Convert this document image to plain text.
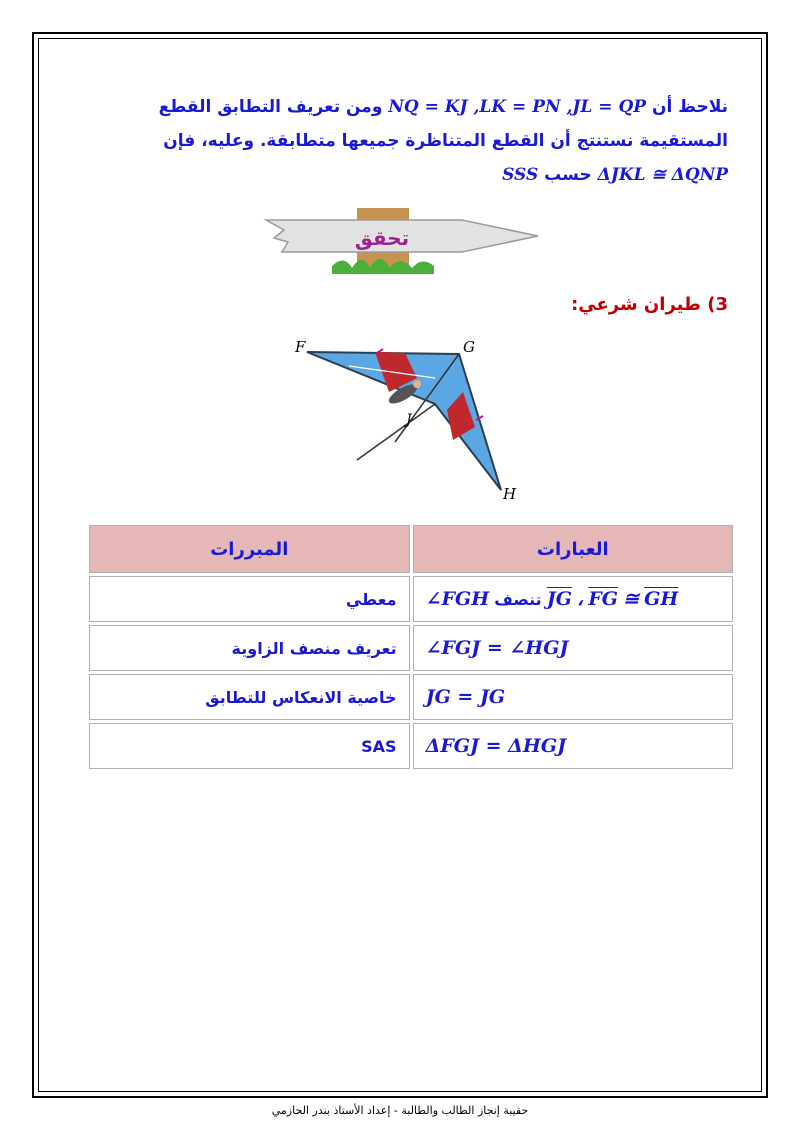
نلاحظ أن NQ = KJ ,LK = PN ,JL = QP ومن تعريف التطابق القطع
المستقيمة نستنتج أن القطع المتناظرة جميعها متطابقة. وعليه، فإن
ΔJKL ≅ ΔQNP حسب SSS
تحقق
3) طيران شرعي:
F	G
J
H
العبارات	المبررات
∠FGH تنصف $\overline{JG}$ ، $\overline{FG}$ ≅ $\overline{GH}$	معطي
∠FGJ = ∠HGJ	تعريف منصف الزاوية
JG = JG	خاصية الانعكاس للتطابق
ΔFGJ = ΔHGJ	SAS
حقيبة إنجاز الطالب والطالبة - إعداد الأستاذ بندر الحازمي
